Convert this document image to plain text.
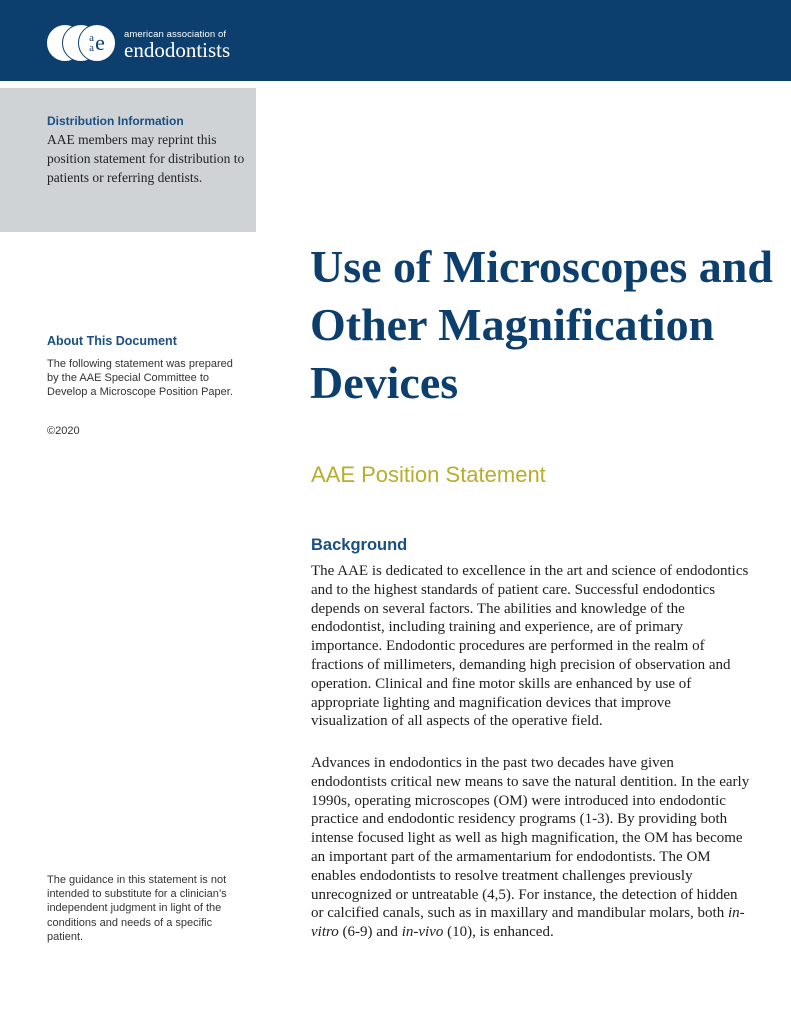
a
a e american association of
endodontists
Distribution Information
AAE members may reprint this position statement for distribution to patients or referring dentists.
About This Document
The following statement was prepared by the AAE Special Committee to Develop a Microscope Position Paper.
©2020
The guidance in this statement is not intended to substitute for a clinician’s independent judgment in light of the conditions and needs of a specific patient.
Use of Microscopes and Other Magnification Devices
AAE Position Statement
Background

The AAE is dedicated to excellence in the art and science of endodontics and to the highest standards of patient care. Successful endodontics depends on several factors. The abilities and knowledge of the endodontist, including training and experience, are of primary importance. Endodontic procedures are performed in the realm of fractions of millimeters, demanding high precision of observation and operation. Clinical and fine motor skills are enhanced by use of appropriate lighting and magnification devices that improve visualization of all aspects of the operative field.

Advances in endodontics in the past two decades have given endodontists critical new means to save the natural dentition. In the early 1990s, operating microscopes (OM) were introduced into endodontic practice and endodontic residency programs (1-3). By providing both intense focused light as well as high magnification, the OM has become an important part of the armamentarium for endodontists. The OM enables endodontists to resolve treatment challenges previously unrecognized or untreatable (4,5). For instance, the detection of hidden or calcified canals, such as in maxillary and mandibular molars, both in-vitro (6-9) and in-vivo (10), is enhanced.
